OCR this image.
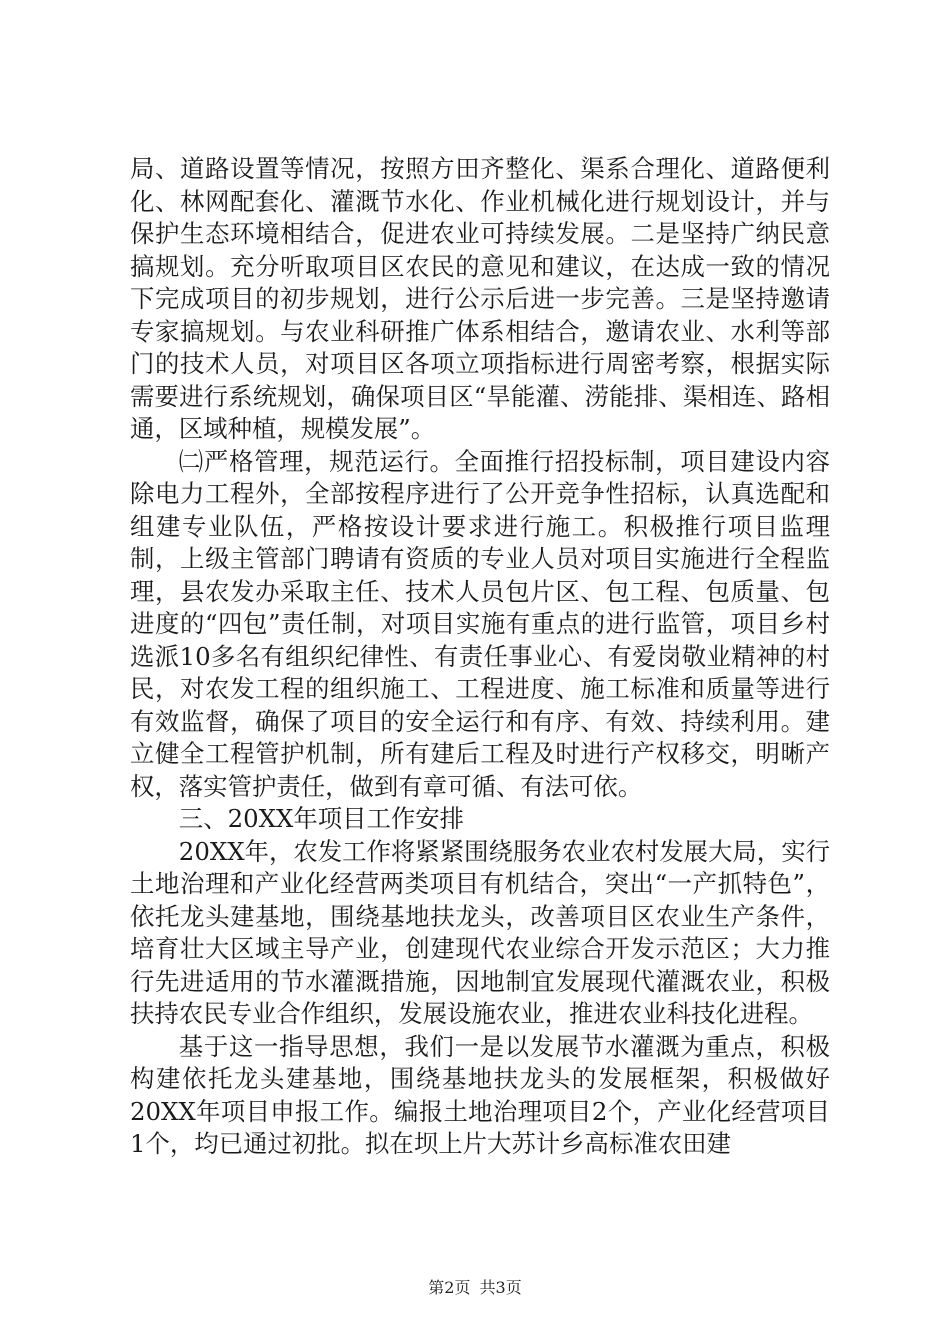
局、道路设置等情况，按照方田齐整化、渠系合理化、道路便利化、林网配套化、灌溉节水化、作业机械化进行规划设计，并与保护生态环境相结合，促进农业可持续发展。二是坚持广纳民意搞规划。充分听取项目区农民的意见和建议，在达成一致的情况下完成项目的初步规划，进行公示后进一步完善。三是坚持邀请专家搞规划。与农业科研推广体系相结合，邀请农业、水利等部门的技术人员，对项目区各项立项指标进行周密考察，根据实际需要进行系统规划，确保项目区“旱能灌、涝能排、渠相连、路相通，区域种植，规模发展”。

㈡严格管理，规范运行。全面推行招投标制，项目建设内容除电力工程外，全部按程序进行了公开竞争性招标，认真选配和组建专业队伍，严格按设计要求进行施工。积极推行项目监理制，上级主管部门聘请有资质的专业人员对项目实施进行全程监理，县农发办采取主任、技术人员包片区、包工程、包质量、包进度的“四包”责任制，对项目实施有重点的进行监管，项目乡村选派10多名有组织纪律性、有责任事业心、有爱岗敬业精神的村民，对农发工程的组织施工、工程进度、施工标准和质量等进行有效监督，确保了项目的安全运行和有序、有效、持续利用。建立健全工程管护机制，所有建后工程及时进行产权移交，明晰产权，落实管护责任，做到有章可循、有法可依。

三、20XX年项目工作安排

20XX年，农发工作将紧紧围绕服务农业农村发展大局，实行土地治理和产业化经营两类项目有机结合，突出“一产抓特色”，依托龙头建基地，围绕基地扶龙头，改善项目区农业生产条件，培育壮大区域主导产业，创建现代农业综合开发示范区；大力推行先进适用的节水灌溉措施，因地制宜发展现代灌溉农业，积极扶持农民专业合作组织，发展设施农业，推进农业科技化进程。

基于这一指导思想，我们一是以发展节水灌溉为重点，积极构建依托龙头建基地，围绕基地扶龙头的发展框架，积极做好20XX年项目申报工作。编报土地治理项目2个，产业化经营项目1个，均已通过初批。拟在坝上片大苏计乡高标准农田建

第2页 共3页
